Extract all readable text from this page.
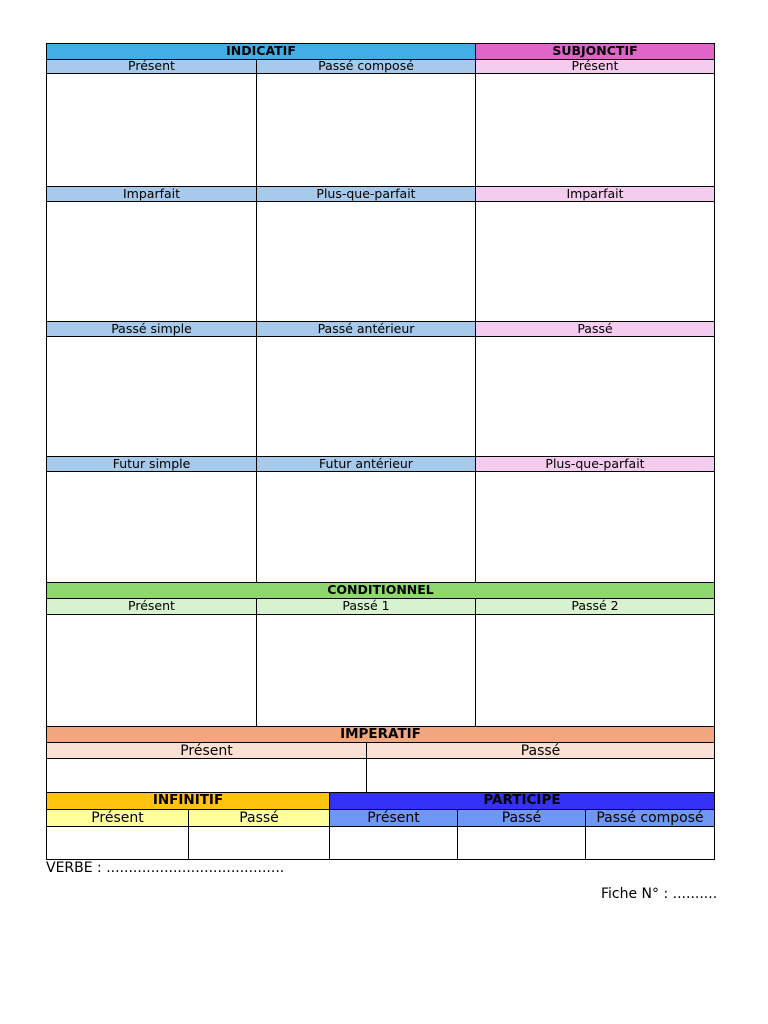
INDICATIF	SUBJONCTIF
Présent	Passé composé	Présent
Imparfait	Plus-que-parfait	Imparfait
Passé simple	Passé antérieur	Passé
Futur simple	Futur antérieur	Plus-que-parfait
CONDITIONNEL
Présent	Passé 1	Passé 2
IMPERATIF
Présent	Passé
INFINITIF	PARTICIPE
Présent	Passé	Présent	Passé	Passé composé
VERBE : ........................................
Fiche N° : ..........
